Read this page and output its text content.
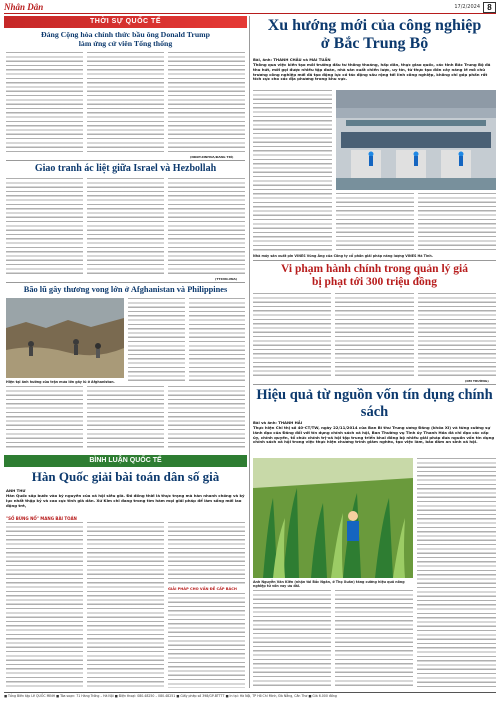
Nhân Dân	17/2/2024 8
THỜI SỰ QUỐC TẾ
Đảng Cộng hòa chính thức bầu ông Donald Trump
làm ứng cử viên Tổng thống
(NDĐT-XINHUA/ĐANG TRÍ)
Giao tranh ác liệt giữa Israel và Hezbollah
(TTXVN-VNA)
Bão lũ gây thương vong lớn ở Afghanistan và Philippines
Hiện tại ảnh hưởng của trận mưa lớn gây lũ ở Afghanistan.
BÌNH LUẬN QUỐC TẾ
Hàn Quốc giải bài toán dân số già
ANH THƯ
Hàn Quốc sắp bước vào kỷ nguyên của xã hội siêu già. Đó đồng thời là thực trạng mà hàn nhanh chóng và kỷ lục nhất thập kỷ và cao cực tinh già dân. Xứ Kim chi đang trong tìm hàm mọi giải pháp để làm sống mới lao động trẻ,
"SỐ BÙNG NỔ" MANG BÀI TOÁN
GIẢI PHÁP CHO VẤN ĐỀ CẤP BÁCH
Xu hướng mới của công nghiệp
ở Bắc Trung Bộ
Bài, ảnh: THANH CHÂU và MAI TUẤN
Thông qua việc kiến tạo môi trường đầu tư thông thoáng, hấp dẫn, thực giao quốc, các tỉnh Bắc Trung Bộ đã thu hút, mời gọi được nhiều tập đoàn, nhà sản xuất chiến lược, uy tín, từ thực tạo đồn cây năng lề mô chủ trương công nghiệp mới đã tạo động lực có tác động sâu rộng tới lĩnh công nghiệp, không chỉ góp phần rất tích cực cho các địa phương trong khu vực.
Nhà máy sản xuất pin VINES Vũng Áng của Công ty cổ phần giải pháp năng lượng VINES Hà Tĩnh.
Vi phạm hành chính trong quản lý giá
bị phạt tới 300 triệu đồng
(DM TRƯỜNG)
Hiệu quả từ nguồn vốn tín dụng chính sách
Bài và ảnh: THANH HẢI
Thực hiện Chỉ thị số 40-CT/TW, ngày 22/11/2014 của Ban Bí thư Trung ương Đảng (khóa XI) và từng cường sự lãnh đạo của Đảng đối với tín dụng chính sách xã hội, Ban Thường vụ Tỉnh ủy Thanh Hóa đã chỉ đạo các cấp ủy, chính quyền, tổ chức chính trị-xã hội tập trung triển khai đồng bộ nhiều giải pháp đưa nguồn vốn tín dụng chính sách xã hội trong việc thực hiện chương trình giảm nghèo, tạo việc làm, bảo đảm an sinh xã hội.
Anh Nguyễn Văn Kiên (nhận tài Bắc Ngân, ở Thọ Xuân) tăng cường hiệu quả nông nghiệp từ vốn vay ưu đãi.
■ Tổng Biên tập Lê QUỐC MINH ■ Tòa soạn: 71 Hàng Trống – Hà Nội ■ Điện thoại: 080.48250 – 080.48251 ■ Giấy phép số 398/GP-BTTTT ■ In tại: Hà Nội, TP Hồ Chí Minh, Đà Nẵng, Cần Thơ ■ Giá 6.000 đồng
